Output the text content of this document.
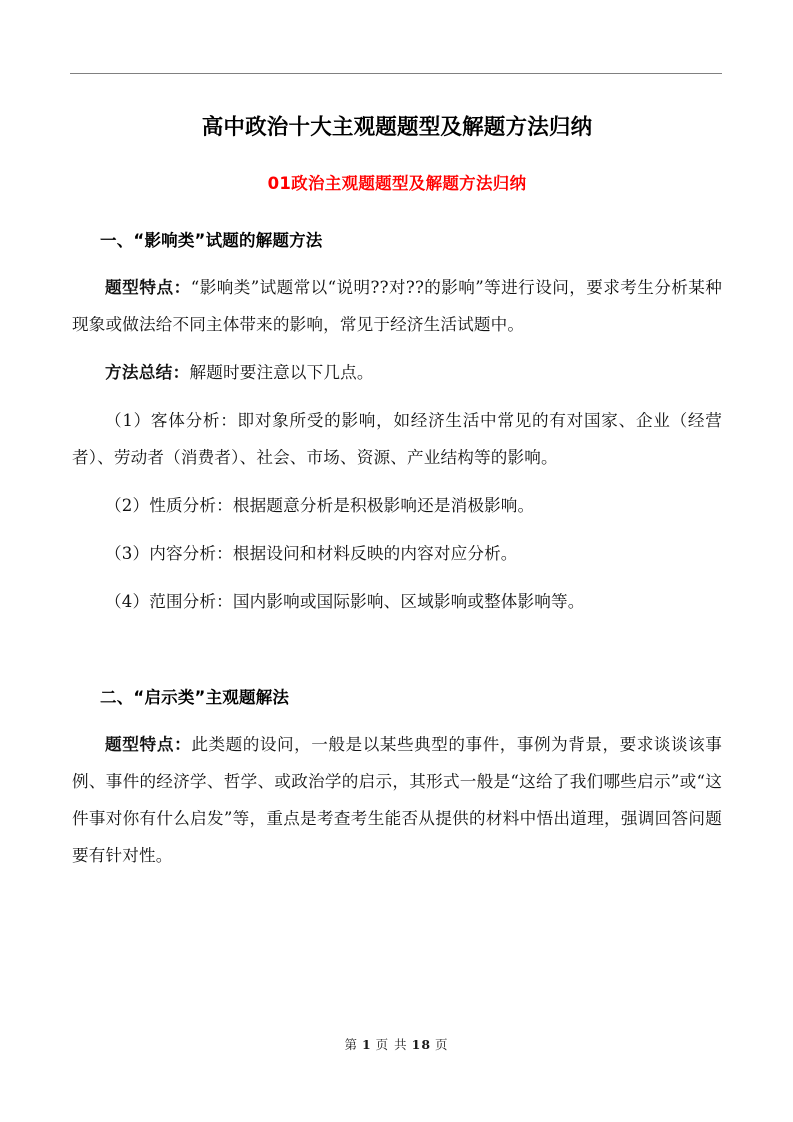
高中政治十大主观题题型及解题方法归纳
01政治主观题题型及解题方法归纳
一、“影响类”试题的解题方法

题型特点：“影响类”试题常以“说明??对??的影响”等进行设问，要求考生分析某种现象或做法给不同主体带来的影响，常见于经济生活试题中。

方法总结：解题时要注意以下几点。

（1）客体分析：即对象所受的影响，如经济生活中常见的有对国家、企业（经营者）、劳动者（消费者）、社会、市场、资源、产业结构等的影响。

（2）性质分析：根据题意分析是积极影响还是消极影响。

（3）内容分析：根据设问和材料反映的内容对应分析。

（4）范围分析：国内影响或国际影响、区域影响或整体影响等。

二、“启示类”主观题解法

题型特点：此类题的设问，一般是以某些典型的事件，事例为背景，要求谈谈该事例、事件的经济学、哲学、或政治学的启示，其形式一般是“这给了我们哪些启示”或“这件事对你有什么启发”等，重点是考查考生能否从提供的材料中悟出道理，强调回答问题要有针对性。

第 1 页 共 18 页
